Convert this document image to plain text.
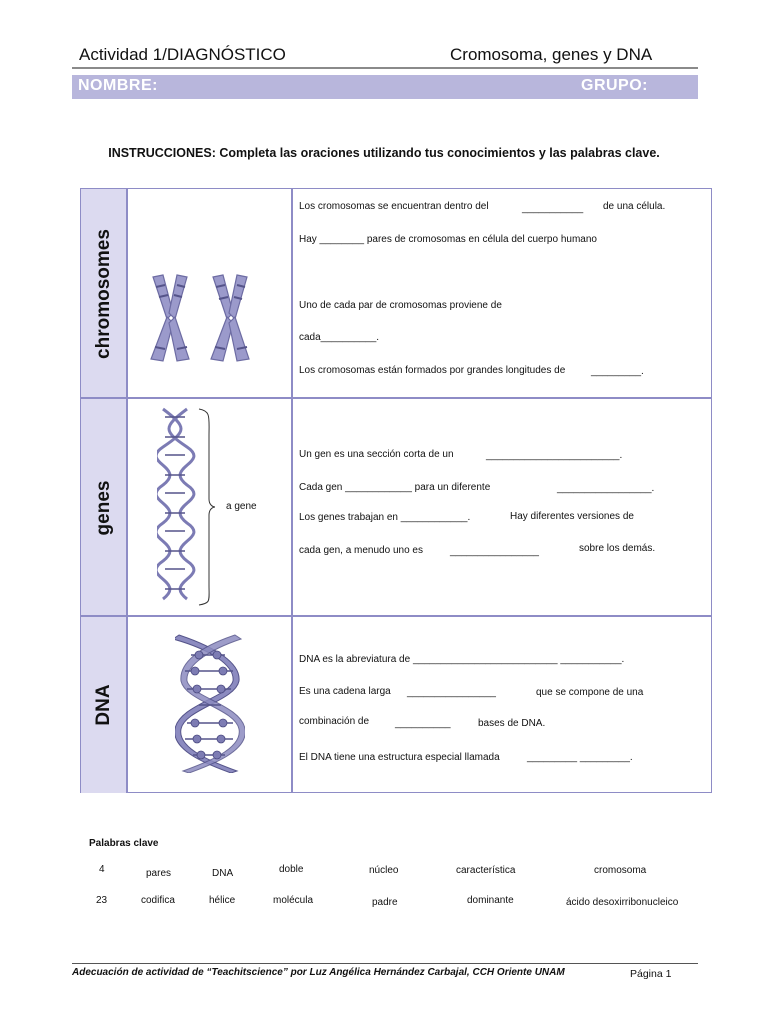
Actividad 1/DIAGNÓSTICO	Cromosoma, genes y DNA
NOMBRE:	GRUPO:
INSTRUCCIONES: Completa las oraciones utilizando tus conocimientos y las palabras clave.
chromosomes
genes
DNA
a gene
Los cromosomas se encuentran dentro del	___________ de una célula.
Hay ________ pares de cromosomas en célula del cuerpo humano
Uno de cada par de cromosomas proviene de
cada__________.
Los cromosomas están formados por grandes longitudes de	_________.
Un gen es una sección corta de un	________________________.
Cada gen ____________ para un diferente	_________________.
Los genes trabajan en ____________.	Hay diferentes versiones de
cada gen, a menudo uno es	________________	sobre los demás.
DNA es la abreviatura de __________________________ ___________.
Es una cadena larga ________________	que se compone de una
combinación de	__________	bases de DNA.
El DNA tiene una estructura especial llamada	_________ _________.
Palabras clave
4	pares	DNA	doble	núcleo	característica	cromosoma
23	codifica	hélice	molécula	padre	dominante	ácido desoxirribonucleico
Adecuación de actividad de “Teachitscience” por Luz Angélica Hernández Carbajal, CCH Oriente UNAM	Página 1
